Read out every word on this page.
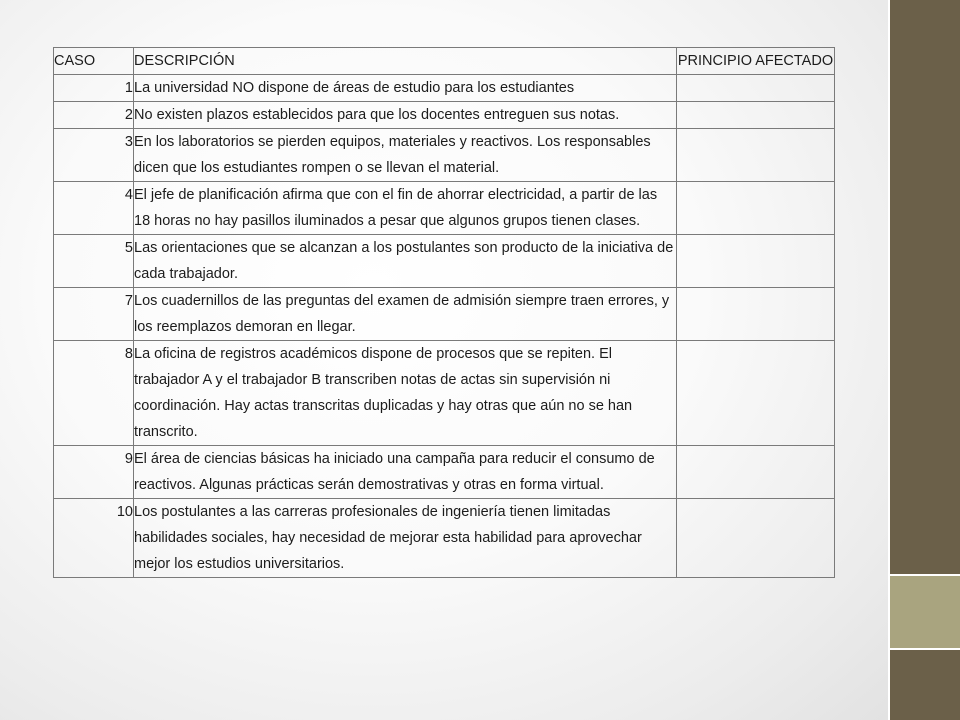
CASO	DESCRIPCIÓN	PRINCIPIO AFECTADO
1	La universidad NO dispone de áreas de estudio para los estudiantes	
2	No existen plazos establecidos para que los docentes entreguen sus notas.	
3	En los laboratorios se pierden equipos, materiales y reactivos. Los responsables dicen que los estudiantes rompen o se llevan el material.	
4	El jefe de planificación afirma que con el fin de ahorrar electricidad, a partir de las 18 horas no hay pasillos iluminados a pesar que algunos grupos tienen clases.	
5	Las orientaciones que se alcanzan a los postulantes son producto de la iniciativa de cada trabajador.	
7	Los cuadernillos de las preguntas del examen de admisión siempre traen errores, y los reemplazos demoran en llegar.	
8	La oficina de registros académicos dispone de procesos que se repiten. El trabajador A y el trabajador B transcriben notas de actas sin supervisión ni coordinación. Hay actas transcritas duplicadas y hay otras que aún no se han transcrito.	
9	El área de ciencias básicas ha iniciado una campaña para reducir el consumo de reactivos. Algunas prácticas serán demostrativas y otras en forma virtual.	
10	Los postulantes a las carreras profesionales de ingeniería tienen limitadas habilidades sociales, hay necesidad de mejorar esta habilidad para aprovechar mejor los estudios universitarios.	
